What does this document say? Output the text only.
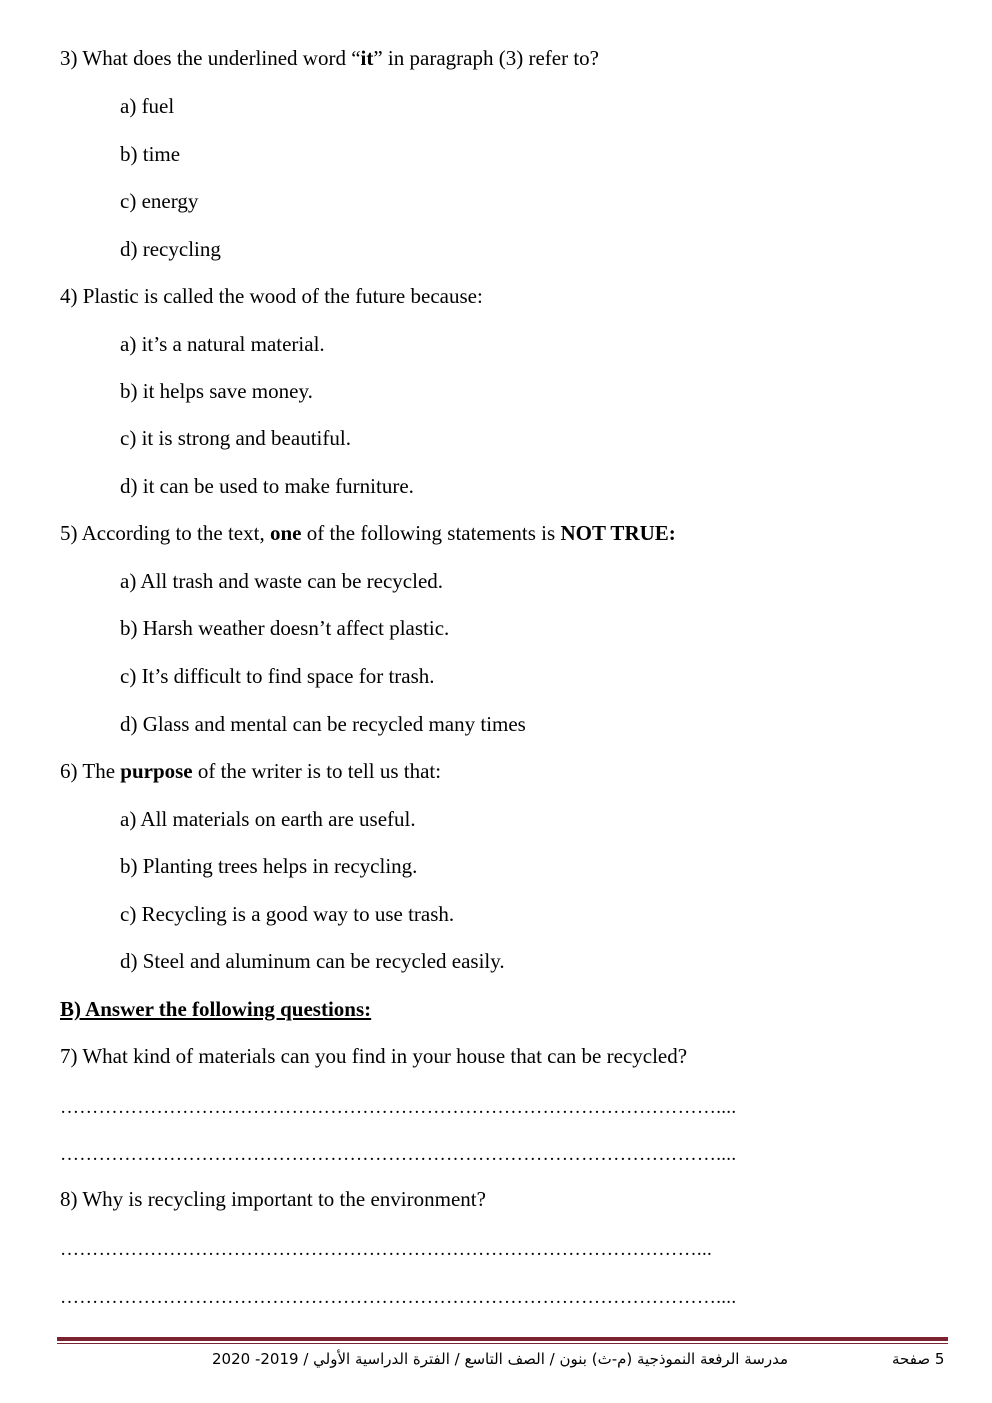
3) What does the underlined word “it” in paragraph (3) refer to?
a) fuel
b) time
c) energy
d) recycling
4) Plastic is called the wood of the future because:
a) it’s a natural material.
b) it helps save money.
c) it is strong and beautiful.
d) it can be used to make furniture.
5) According to the text, one of the following statements is NOT TRUE:
a) All trash and waste can be recycled.
b) Harsh weather doesn’t affect plastic.
c) It’s difficult to find space for trash.
d) Glass and mental can be recycled many times
6) The purpose of the writer is to tell us that:
a) All materials on earth are useful.
b) Planting trees helps in recycling.
c) Recycling is a good way to use trash.
d) Steel and aluminum can be recycled easily.
B) Answer the following questions:
7) What kind of materials can you find in your house that can be recycled?
…………………………………………………………………………………………....
…………………………………………………………………………………………....
8) Why is recycling important to the environment?
………………………………………………………………………………………...
…………………………………………………………………………………………....
مدرسة الرفعة النموذجية (م-ث) بنون / الصف التاسع / الفترة الدراسية الأولي / 2019- 2020	5 صفحة
